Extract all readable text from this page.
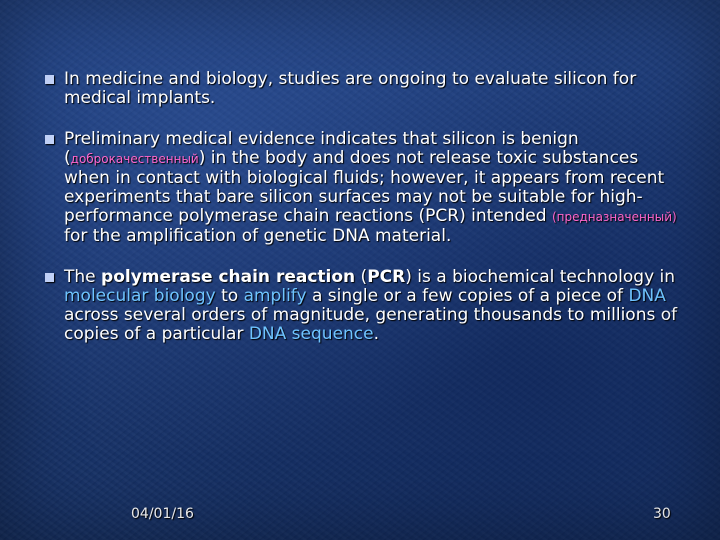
In medicine and biology, studies are ongoing to evaluate silicon for medical implants.
Preliminary medical evidence indicates that silicon is benign (доброкачественный) in the body and does not release toxic substances when in contact with biological fluids; however, it appears from recent experiments that bare silicon surfaces may not be suitable for high-performance polymerase chain reactions (PCR) intended (предназначенный) for the amplification of genetic DNA material.
The polymerase chain reaction (PCR) is a biochemical technology in molecular biology to amplify a single or a few copies of a piece of DNA across several orders of magnitude, generating thousands to millions of copies of a particular DNA sequence.
04/01/16	30
